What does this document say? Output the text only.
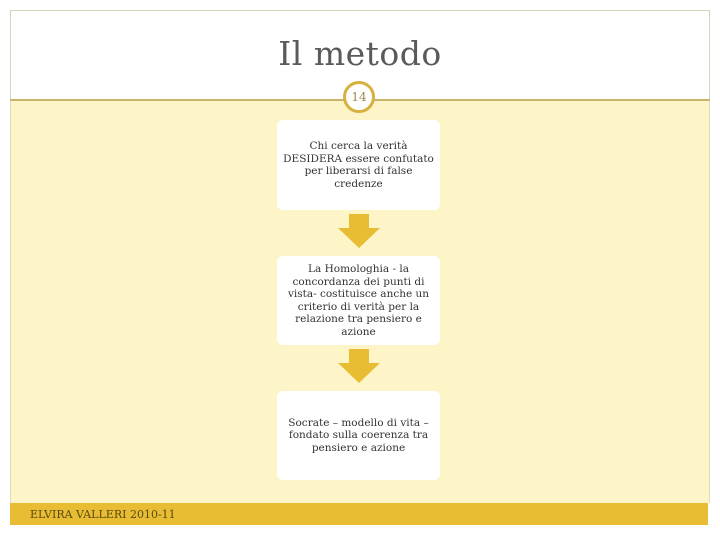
Il metodo
14
Chi cerca la verità DESIDERA essere confutato per liberarsi di false credenze
La Homologhia - la concordanza dei punti di vista- costituisce anche un criterio di verità per la relazione tra pensiero e azione
Socrate – modello di vita – fondato sulla coerenza tra pensiero e azione
ELVIRA VALLERI 2010-11
